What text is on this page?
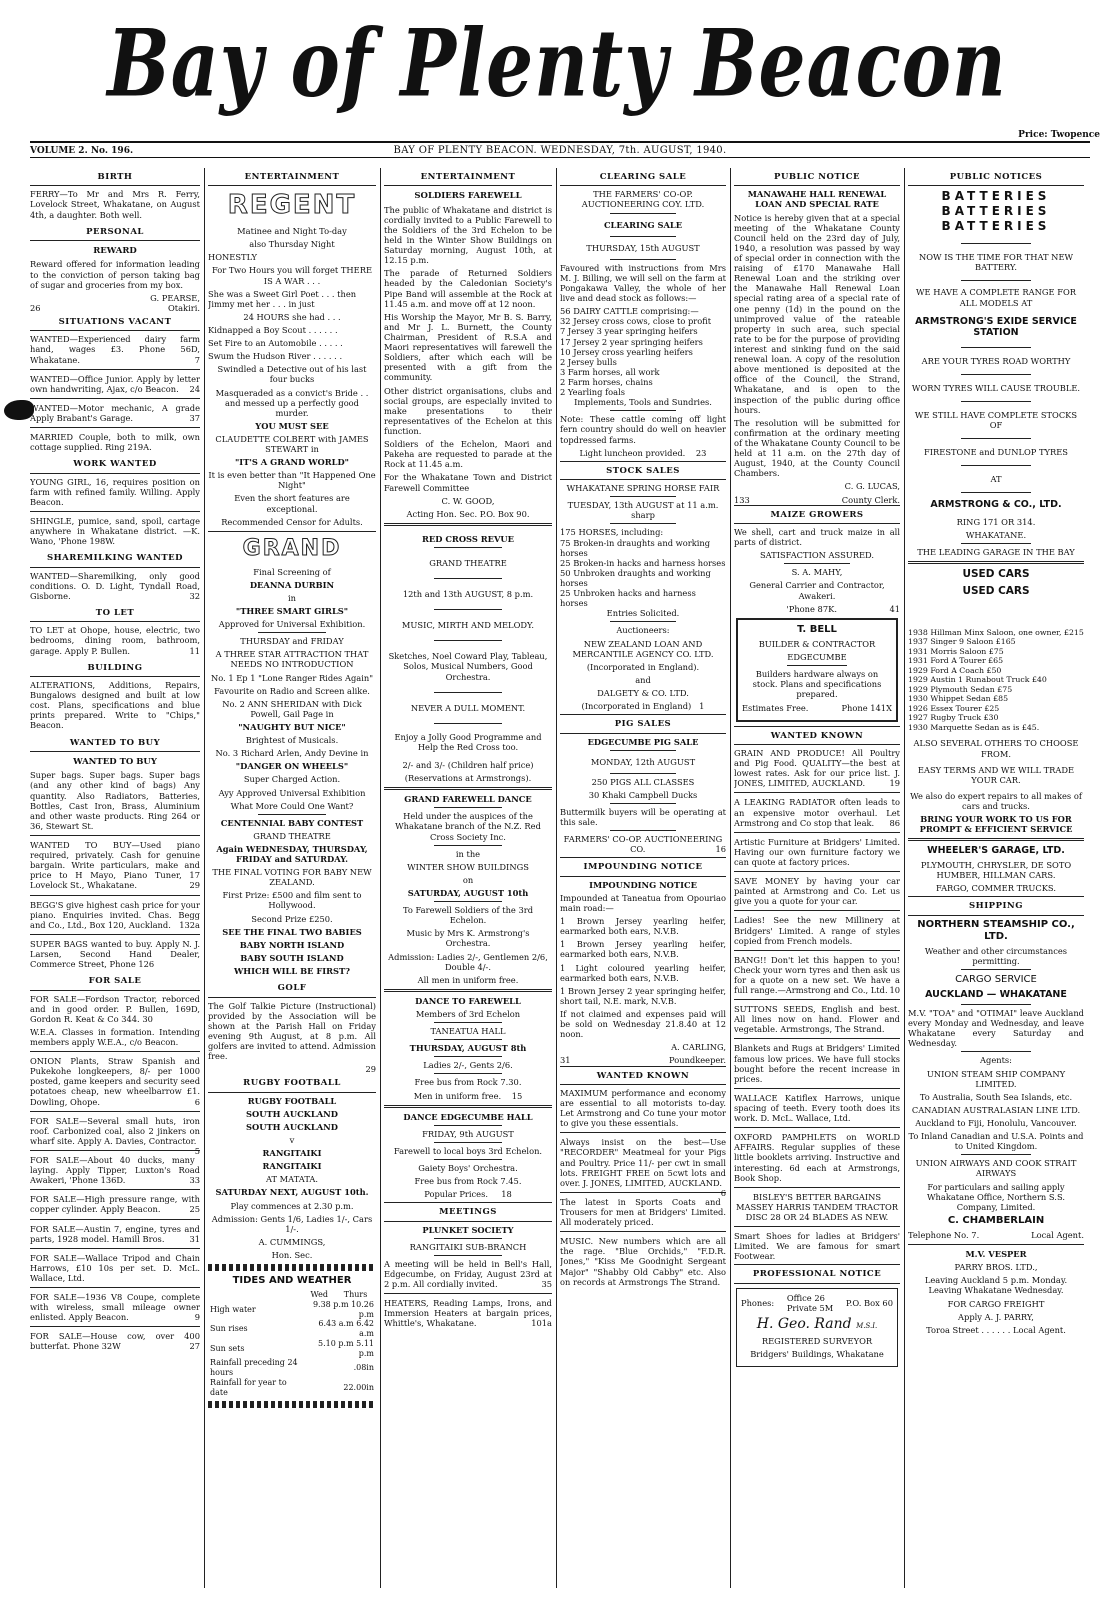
Bay of Plenty Beacon
Price: Twopence
VOLUME 2. No. 196.	BAY OF PLENTY BEACON. WEDNESDAY, 7th. AUGUST, 1940.
BIRTH

FERRY—To Mr and Mrs R. Ferry, Lovelock Street, Whakatane, on August 4th, a daughter. Both well.

PERSONAL
REWARD

Reward offered for information leading to the conviction of person taking bag of sugar and groceries from my box.

G. PEARSE,
26	Otakiri.
SITUATIONS VACANT

WANTED—Experienced dairy farm hand, wages £3. Phone 56D, Whakatane.	7

WANTED—Office Junior. Apply by letter own handwriting, Ajax, c/o Beacon. 24

WANTED—Motor mechanic, A grade Apply Brabant's Garage.	37

MARRIED Couple, both to milk, own cottage supplied. Ring 219A.

WORK WANTED

YOUNG GIRL, 16, requires position on farm with refined family. Willing. Apply Beacon.

SHINGLE, pumice, sand, spoil, cartage anywhere in Whakatane district. —K. Wano, 'Phone 198W.

SHAREMILKING WANTED

WANTED—Sharemilking, only good conditions. O. D. Light, Tyndall Road, Gisborne.	32

TO LET

TO LET at Ohope, house, electric, two bedrooms, dining room, bathroom, garage. Apply P. Bullen.	11

BUILDING

ALTERATIONS, Additions, Repairs, Bungalows designed and built at low cost. Plans, specifications and blue prints prepared. Write to "Chips," Beacon.

WANTED TO BUY
WANTED TO BUY

Super bags. Super bags. Super bags (and any other kind of bags) Any quantity. Also Radiators, Batteries, Bottles, Cast Iron, Brass, Aluminium and other waste products. Ring 264 or 36, Stewart St.

WANTED TO BUY—Used piano required, privately. Cash for genuine bargain. Write particulars, make and price to H Mayo, Piano Tuner, 17 Lovelock St., Whakatane.	29

BEGG'S give highest cash price for your piano. Enquiries invited. Chas. Begg and Co., Ltd., Box 120, Auckland. 132a

SUPER BAGS wanted to buy. Apply N. J. Larsen, Second Hand Dealer, Commerce Street, Phone 126

FOR SALE

FOR SALE—Fordson Tractor, reborced and in good order. P. Bullen, 169D, Gordon R. Keat & Co 344. 30

W.E.A. Classes in formation. Intending members apply W.E.A., c/o Beacon.

ONION Plants, Straw Spanish and Pukekohe longkeepers, 8/- per 1000 posted, game keepers and security seed potatoes cheap, new wheelbarrow £1. Dowling, Ohope.	6

FOR SALE—Several small huts, iron roof. Carbonized coal, also 2 jinkers on wharf site. Apply A. Davies, Contractor.
5

FOR SALE—About 40 ducks, many laying. Apply Tipper, Luxton's Road Awakeri, 'Phone 136D.	33

FOR SALE—High pressure range, with copper cylinder. Apply Beacon.	25

FOR SALE—Austin 7, engine, tyres and parts, 1928 model. Hamill Bros.	31

FOR SALE—Wallace Tripod and Chain Harrows, £10 10s per set. D. McL. Wallace, Ltd.

FOR SALE—1936 V8 Coupe, complete with wireless, small mileage owner enlisted. Apply Beacon.	9

FOR SALE—House cow, over 400 butterfat. Phone 32W	27

ENTERTAINMENT
REGENT

Matinee and Night To-day

also Thursday Night

HONESTLY

For Two Hours you will forget THERE IS A WAR . . .

She was a Sweet Girl Poet . . . then Jimmy met her . . . in just

24 HOURS she had . . .

Kidnapped a Boy Scout . . . . . .

Set Fire to an Automobile . . . . .

Swum the Hudson River . . . . . .

Swindled a Detective out of his last four bucks

Masqueraded as a convict's Bride . . and messed up a perfectly good murder.

YOU MUST SEE

CLAUDETTE COLBERT with JAMES STEWART in

"IT'S A GRAND WORLD"

It is even better than "It Happened One Night"

Even the short features are exceptional.

Recommended Censor for Adults.

GRAND

Final Screening of

DEANNA DURBIN

in

"THREE SMART GIRLS"

Approved for Universal Exhibition.

THURSDAY and FRIDAY

A THREE STAR ATTRACTION THAT NEEDS NO INTRODUCTION

No. 1 Ep 1 "Lone Ranger Rides Again"

Favourite on Radio and Screen alike.

No. 2 ANN SHERIDAN with Dick Powell, Gail Page in

"NAUGHTY BUT NICE"

Brightest of Musicals.

No. 3 Richard Arlen, Andy Devine in

"DANGER ON WHEELS"

Super Charged Action.

Ayy Approved Universal Exhibition

What More Could One Want?

CENTENNIAL BABY CONTEST

GRAND THEATRE

Again WEDNESDAY, THURSDAY, FRIDAY and SATURDAY.

THE FINAL VOTING FOR BABY NEW ZEALAND.

First Prize: £500 and film sent to Hollywood.

Second Prize £250.

SEE THE FINAL TWO BABIES

BABY NORTH ISLAND

BABY SOUTH ISLAND

WHICH WILL BE FIRST?

GOLF

The Golf Talkie Picture (Instructional) provided by the Association will be shown at the Parish Hall on Friday evening 9th August, at 8 p.m. All golfers are invited to attend. Admission free.

29
RUGBY FOOTBALL

RUGBY FOOTBALL

SOUTH AUCKLAND

SOUTH AUCKLAND

v

RANGITAIKI

RANGITAIKI

AT MATATA.

SATURDAY NEXT, AUGUST 10th.

Play commences at 2.30 p.m.

Admission: Gents 1/6, Ladies 1/-, Cars 1/-.

A. CUMMINGS,

Hon. Sec.

TIDES AND WEATHER

	Wed	Thurs
High water	9.38 p.m 10.26 p.m	
Sun rises	6.43 a.m 6.42 a.m	
Sun sets	5.10 p.m 5.11 p.m	
Rainfall preceding 24 hours	.08in	
Rainfall for year to date	22.00in	
ENTERTAINMENT
SOLDIERS FAREWELL

The public of Whakatane and district is cordially invited to a Public Farewell to the Soldiers of the 3rd Echelon to be held in the Winter Show Buildings on Saturday morning, August 10th, at 12.15 p.m.

The parade of Returned Soldiers headed by the Caledonian Society's Pipe Band will assemble at the Rock at 11.45 a.m. and move off at 12 noon.

His Worship the Mayor, Mr B. S. Barry, and Mr J. L. Burnett, the County Chairman, President of R.S.A and Maori representatives will farewell the Soldiers, after which each will be presented with a gift from the community.

Other district organisations, clubs and social groups, are especially invited to make presentations to their representatives of the Echelon at this function.

Soldiers of the Echelon, Maori and Pakeha are requested to parade at the Rock at 11.45 a.m.

For the Whakatane Town and District Farewell Committee

C. W. GOOD,

Acting Hon. Sec. P.O. Box 90.

RED CROSS REVUE

GRAND THEATRE

12th and 13th AUGUST, 8 p.m.

MUSIC, MIRTH AND MELODY.

Sketches, Noel Coward Play, Tableau, Solos, Musical Numbers, Good Orchestra.

NEVER A DULL MOMENT.

Enjoy a Jolly Good Programme and Help the Red Cross too.

2/- and 3/- (Children half price)

(Reservations at Armstrongs).

GRAND FAREWELL DANCE

Held under the auspices of the Whakatane branch of the N.Z. Red Cross Society Inc.

in the

WINTER SHOW BUILDINGS

on

SATURDAY, AUGUST 10th

To Farewell Soldiers of the 3rd Echelon.

Music by Mrs K. Armstrong's Orchestra.

Admission: Ladies 2/-, Gentlemen 2/6, Double 4/-.

All men in uniform free.

DANCE TO FAREWELL

Members of 3rd Echelon

TANEATUA HALL

THURSDAY, AUGUST 8th

Ladies 2/-, Gents 2/6.

Free bus from Rock 7.30.

Men in uniform free. 15

DANCE EDGECUMBE HALL

FRIDAY, 9th AUGUST

Farewell to local boys 3rd Echelon.

Gaiety Boys' Orchestra.

Free bus from Rock 7.45.

Popular Prices. 18

MEETINGS

PLUNKET SOCIETY

RANGITAIKI SUB-BRANCH

A meeting will be held in Bell's Hall, Edgecumbe, on Friday, August 23rd at 2 p.m. All cordially invited.	35

HEATERS, Reading Lamps, Irons, and Immersion Heaters at bargain prices, Whittle's, Whakatane.	101a

CLEARING SALE

THE FARMERS' CO-OP. AUCTIONEERING COY. LTD.

CLEARING SALE

THURSDAY, 15th AUGUST

Favoured with instructions from Mrs M. J. Billing, we will sell on the farm at Pongakawa Valley, the whole of her live and dead stock as follows:—

56 DAIRY CATTLE comprising:—
32 Jersey cross cows, close to profit
7 Jersey 3 year springing heifers
17 Jersey 2 year springing heifers
10 Jersey cross yearling heifers
2 Jersey bulls
3 Farm horses, all work
2 Farm horses, chains
2 Yearling foals
Implements, Tools and Sundries.

Note: These cattle coming off light fern country should do well on heavier topdressed farms.

Light luncheon provided. 23

STOCK SALES

WHAKATANE SPRING HORSE FAIR

TUESDAY, 13th AUGUST at 11 a.m. sharp

175 HORSES, including:
75 Broken-in draughts and working horses
25 Broken-in hacks and harness horses
50 Unbroken draughts and working horses
25 Unbroken hacks and harness horses

Entries Solicited.

Auctioneers:

NEW ZEALAND LOAN AND MERCANTILE AGENCY CO. LTD.

(Incorporated in England).

and

DALGETY & CO. LTD.

(Incorporated in England) 1

PIG SALES

EDGECUMBE PIG SALE

MONDAY, 12th AUGUST

250 PIGS ALL CLASSES

30 Khaki Campbell Ducks

Buttermilk buyers will be operating at this sale.

FARMERS' CO-OP. AUCTIONEERING CO.	16

IMPOUNDING NOTICE

IMPOUNDING NOTICE

Impounded at Taneatua from Opouriao main road:—

1 Brown Jersey yearling heifer, earmarked both ears, N.V.B.

1 Brown Jersey yearling heifer, earmarked both ears, N.V.B.

1 Light coloured yearling heifer, earmarked both ears, N.V.B.

1 Brown Jersey 2 year springing heifer, short tail, N.E. mark, N.V.B.

If not claimed and expenses paid will be sold on Wednesday 21.8.40 at 12 noon.

A. CARLING,

31	Poundkeeper.
WANTED KNOWN

MAXIMUM performance and economy are essential to all motorists to-day. Let Armstrong and Co tune your motor to give you these essentials.

Always insist on the best—Use "RECORDER" Meatmeal for your Pigs and Poultry. Price 11/- per cwt in small lots. FREIGHT FREE on 5cwt lots and over. J. JONES, LIMITED, AUCKLAND.
6

The latest in Sports Coats and Trousers for men at Bridgers' Limited. All moderately priced.

MUSIC. New numbers which are all the rage. "Blue Orchids," "F.D.R. Jones," "Kiss Me Goodnight Sergeant Major" "Shabby Old Cabby" etc. Also on records at Armstrongs The Strand.

PUBLIC NOTICE

MANAWAHE HALL RENEWAL LOAN AND SPECIAL RATE

Notice is hereby given that at a special meeting of the Whakatane County Council held on the 23rd day of July, 1940, a resolution was passed by way of special order in connection with the raising of £170 Manawahe Hall Renewal Loan and the striking over the Manawahe Hall Renewal Loan special rating area of a special rate of one penny (1d) in the pound on the unimproved value of the rateable property in such area, such special rate to be for the purpose of providing interest and sinking fund on the said renewal loan. A copy of the resolution above mentioned is deposited at the office of the Council, the Strand, Whakatane, and is open to the inspection of the public during office hours.

The resolution will be submitted for confirmation at the ordinary meeting of the Whakatane County Council to be held at 11 a.m. on the 27th day of August, 1940, at the County Council Chambers.

C. G. LUCAS,

133	County Clerk.
MAIZE GROWERS

We shell, cart and truck maize in all parts of district.

SATISFACTION ASSURED.

S. A. MAHY,

General Carrier and Contractor, Awakeri.

'Phone 87K.	41

T. BELL

BUILDER & CONTRACTOR

EDGECUMBE

Builders hardware always on stock. Plans and specifications prepared.

Estimates Free.	Phone 141X

WANTED KNOWN

GRAIN AND PRODUCE! All Poultry and Pig Food. QUALITY—the best at lowest rates. Ask for our price list. J. JONES, LIMITED, AUCKLAND.	19

A LEAKING RADIATOR often leads to an expensive motor overhaul. Let Armstrong and Co stop that leak. 86

Artistic Furniture at Bridgers' Limited. Having our own furniture factory we can quote at factory prices.

SAVE MONEY by having your car painted at Armstrong and Co. Let us give you a quote for your car.

Ladies! See the new Millinery at Bridgers' Limited. A range of styles copied from French models.

BANG!! Don't let this happen to you! Check your worn tyres and then ask us for a quote on a new set. We have a full range.—Armstrong and Co., Ltd. 10

SUTTONS SEEDS, English and best. All lines now on hand. Flower and vegetable. Armstrongs, The Strand.

Blankets and Rugs at Bridgers' Limited famous low prices. We have full stocks bought before the recent increase in prices.

WALLACE Katiflex Harrows, unique spacing of teeth. Every tooth does its work. D. McL. Wallace, Ltd.

OXFORD PAMPHLETS on WORLD AFFAIRS. Regular supplies of these little booklets arriving. Instructive and interesting. 6d each at Armstrongs, Book Shop.

BISLEY'S BETTER BARGAINS MASSEY HARRIS TANDEM TRACTOR DISC 28 OR 24 BLADES AS NEW.

Smart Shoes for ladies at Bridgers' Limited. We are famous for smart Footwear.

PROFESSIONAL NOTICE
Phones:
Office 26
Private 5M
P.O. Box 60

H. Geo. Rand M.S.I.

REGISTERED SURVEYOR

Bridgers' Buildings, Whakatane

PUBLIC NOTICES
BATTERIES
BATTERIES
BATTERIES

NOW IS THE TIME FOR THAT NEW BATTERY.

WE HAVE A COMPLETE RANGE FOR ALL MODELS AT

ARMSTRONG'S EXIDE SERVICE STATION

ARE YOUR TYRES ROAD WORTHY

WORN TYRES WILL CAUSE TROUBLE.

WE STILL HAVE COMPLETE STOCKS OF

FIRESTONE and DUNLOP TYRES

AT

ARMSTRONG & CO., LTD.

RING 171 OR 314.

WHAKATANE.

THE LEADING GARAGE IN THE BAY

USED CARS

USED CARS

1938 Hillman Minx Saloon, one owner, £215
1937 Singer 9 Saloon £165
1931 Morris Saloon £75
1931 Ford A Tourer £65
1929 Ford A Coach £50
1929 Austin 1 Runabout Truck £40
1929 Plymouth Sedan £75
1930 Whippet Sedan £85
1926 Essex Tourer £25
1927 Rugby Truck £30
1930 Marquette Sedan as is £45.

ALSO SEVERAL OTHERS TO CHOOSE FROM.

EASY TERMS AND WE WILL TRADE YOUR CAR.

We also do expert repairs to all makes of cars and trucks.

BRING YOUR WORK TO US FOR PROMPT & EFFICIENT SERVICE

WHEELER'S GARAGE, LTD.

PLYMOUTH, CHRYSLER, DE SOTO HUMBER, HILLMAN CARS.

FARGO, COMMER TRUCKS.

SHIPPING

NORTHERN STEAMSHIP CO., LTD.

Weather and other circumstances permitting.

CARGO SERVICE

AUCKLAND — WHAKATANE

M.V. "TOA" and "OTIMAI" leave Auckland every Monday and Wednesday, and leave Whakatane every Saturday and Wednesday.

Agents:

UNION STEAM SHIP COMPANY LIMITED.

To Australia, South Sea Islands, etc.

CANADIAN AUSTRALASIAN LINE LTD.

Auckland to Fiji, Honolulu, Vancouver.

To Inland Canadian and U.S.A. Points and to United Kingdom.

UNION AIRWAYS AND COOK STRAIT AIRWAYS

For particulars and sailing apply Whakatane Office, Northern S.S. Company, Limited.

C. CHAMBERLAIN

Telephone No. 7.	Local Agent.

M.V. VESPER

PARRY BROS. LTD.,

Leaving Auckland 5 p.m. Monday. Leaving Whakatane Wednesday.

FOR CARGO FREIGHT

Apply A. J. PARRY,

Toroa Street . . . . . . Local Agent.
